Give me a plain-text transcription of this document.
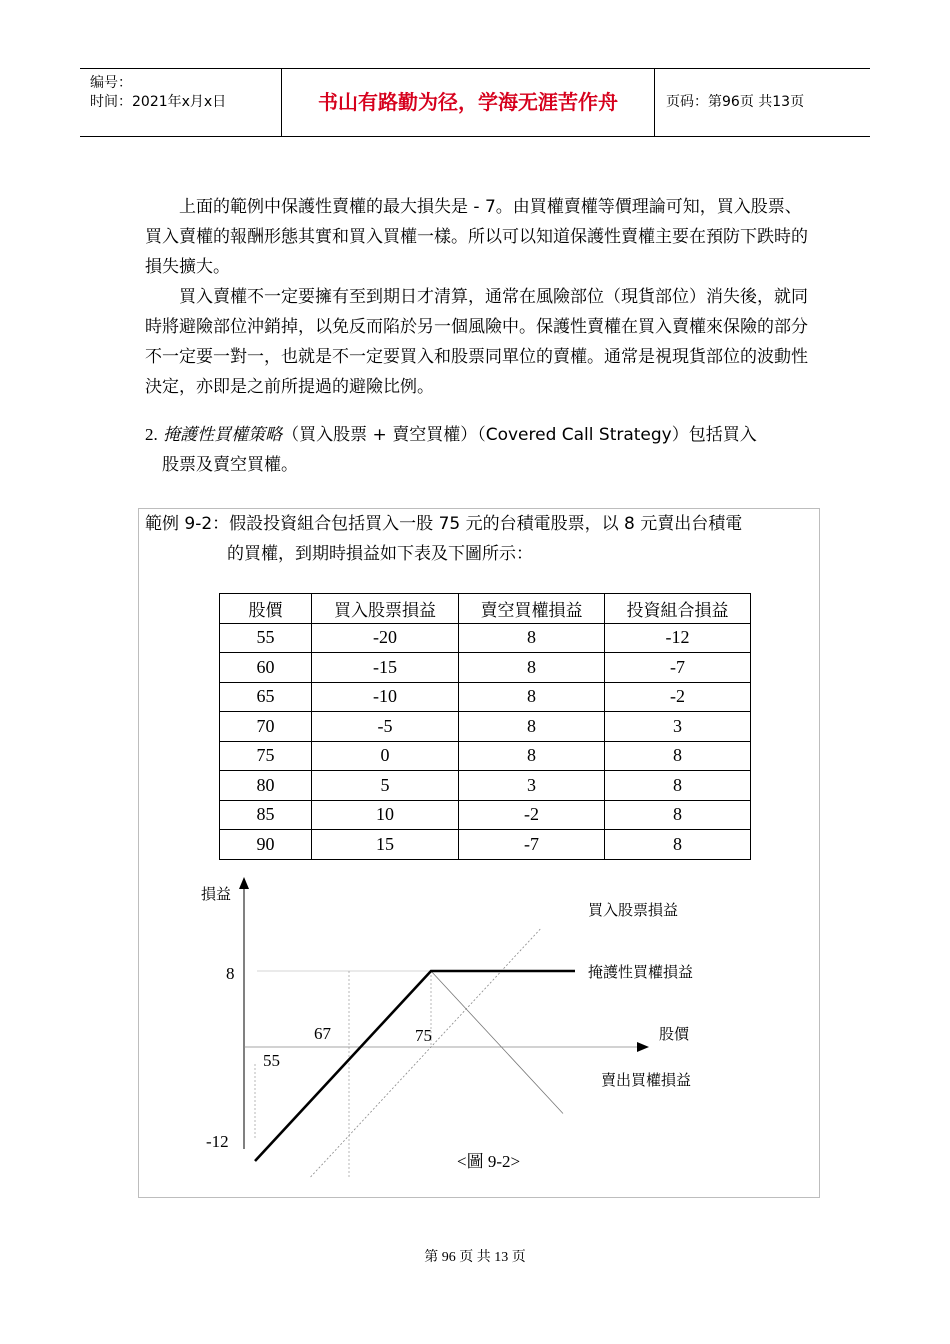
编号：
时间：2021年x月x日	书山有路勤为径，学海无涯苦作舟	页码：第96页 共13页

上面的範例中保護性賣權的最大損失是 - 7。由買權賣權等價理論可知，買入股票、買入賣權的報酬形態其實和買入買權一樣。所以可以知道保護性賣權主要在預防下跌時的損失擴大。

買入賣權不一定要擁有至到期日才清算，通常在風險部位（現貨部位）消失後，就同時將避險部位沖銷掉，以免反而陷於另一個風險中。保護性賣權在買入賣權來保險的部分不一定要一對一，也就是不一定要買入和股票同單位的賣權。通常是視現貨部位的波動性決定，亦即是之前所提過的避險比例。

2. 掩護性買權策略（買入股票 + 賣空買權）（Covered Call Strategy）包括買入
股票及賣空買權。
範例 9-2：假設投資組合包括買入一股 75 元的台積電股票，以 8 元賣出台積電
的買權，到期時損益如下表及下圖所示：
股價	買入股票損益	賣空買權損益	投資組合損益
55	-20	8	-12
60	-15	8	-7
65	-10	8	-2
70	-5	8	3
75	0	8	8
80	5	3	8
85	10	-2	8
90	15	-7	8
損益
股價
買入股票損益
掩護性買權損益
賣出買權損益
8
-12
67	75
55
<圖 9-2>
第 96 页 共 13 页
